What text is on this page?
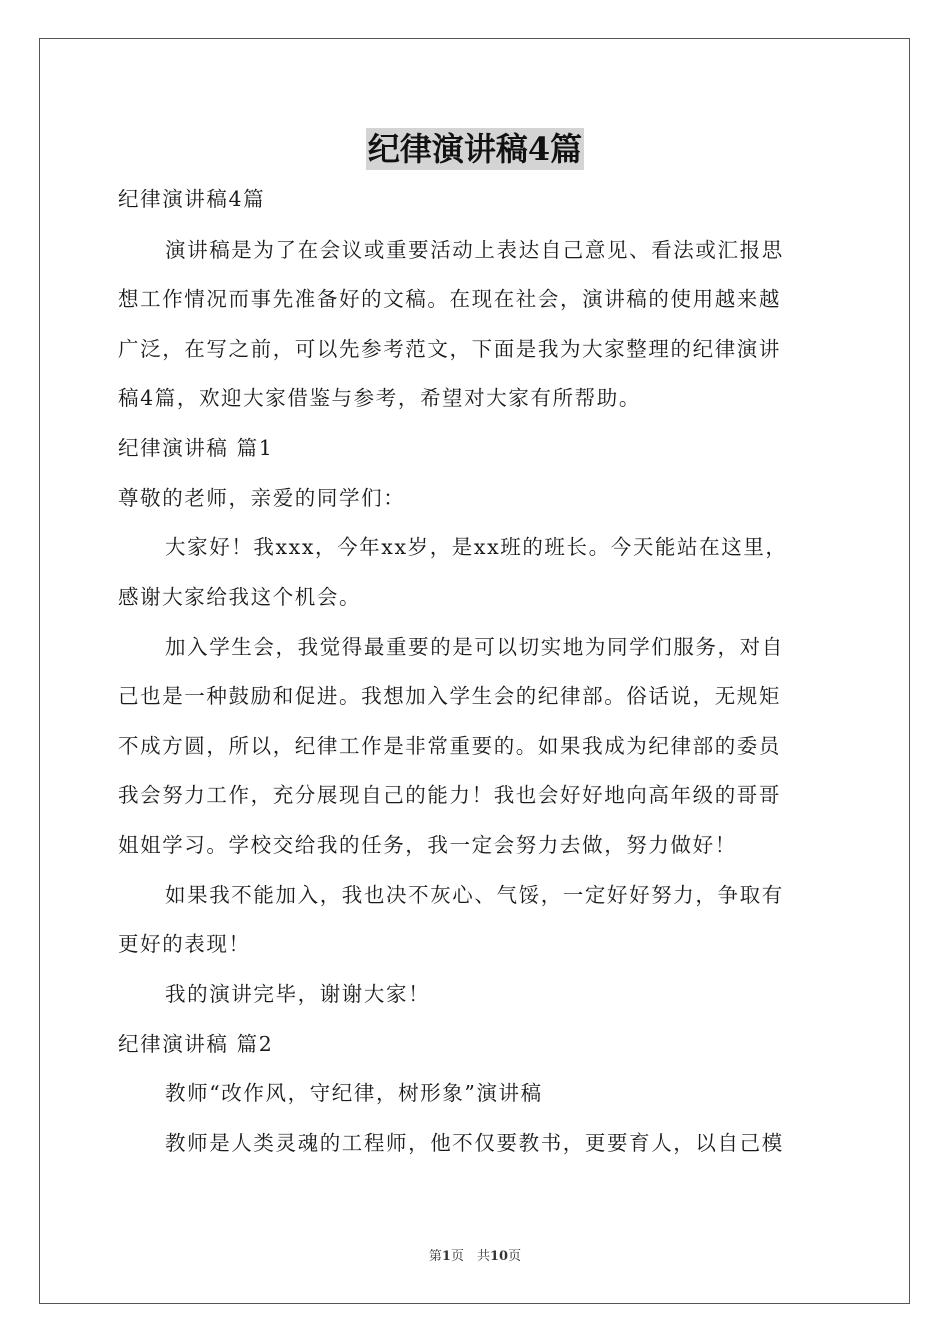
纪律演讲稿4篇
纪律演讲稿4篇
演讲稿是为了在会议或重要活动上表达自己意见、看法或汇报思
想工作情况而事先准备好的文稿。在现在社会，演讲稿的使用越来越
广泛，在写之前，可以先参考范文，下面是我为大家整理的纪律演讲
稿4篇，欢迎大家借鉴与参考，希望对大家有所帮助。
纪律演讲稿 篇1
尊敬的老师，亲爱的同学们：
大家好！我xxx，今年xx岁，是xx班的班长。今天能站在这里，
感谢大家给我这个机会。
加入学生会，我觉得最重要的是可以切实地为同学们服务，对自
己也是一种鼓励和促进。我想加入学生会的纪律部。俗话说，无规矩
不成方圆，所以，纪律工作是非常重要的。如果我成为纪律部的委员
我会努力工作，充分展现自己的能力！我也会好好地向高年级的哥哥
姐姐学习。学校交给我的任务，我一定会努力去做，努力做好！
如果我不能加入，我也决不灰心、气馁，一定好好努力，争取有
更好的表现！
我的演讲完毕，谢谢大家！
纪律演讲稿 篇2
教师“改作风，守纪律，树形象”演讲稿
教师是人类灵魂的工程师，他不仅要教书，更要育人，以自己模
第1页　共10页
